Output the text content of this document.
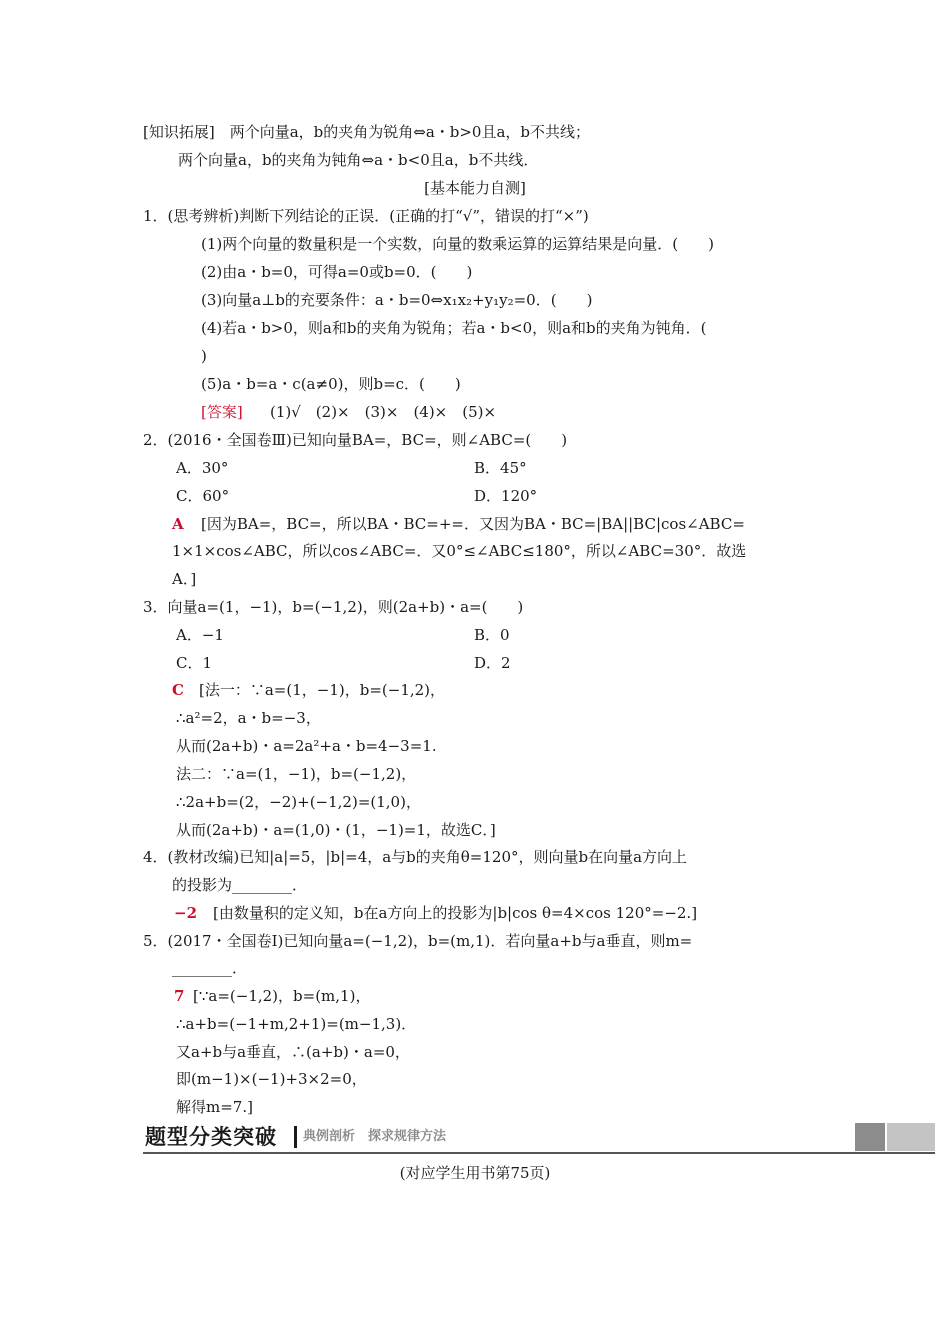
[知识拓展]　两个向量a，b的夹角为锐角⇔a・b>0且a，b不共线；
两个向量a，b的夹角为钝角⇔a・b<0且a，b不共线．
[基本能力自测]
1．(思考辨析)判断下列结论的正误．(正确的打“√”，错误的打“×”)
(1)两个向量的数量积是一个实数，向量的数乘运算的运算结果是向量．(　　)
(2)由a・b=0，可得a=0或b=0．(　　)
(3)向量a⊥b的充要条件：a・b=0⇔x₁x₂+y₁y₂=0．(　　)
(4)若a・b>0，则a和b的夹角为锐角；若a・b<0，则a和b的夹角为钝角．(
)
(5)a・b=a・c(a≠0)，则b=c．(　　)
[答案] (1)√　(2)×　(3)×　(4)×　(5)×
2．(2016・全国卷Ⅲ)已知向量BA=，BC=，则∠ABC=(　　)
A．30°	B．45°
C．60°	D．120°
A [因为BA=，BC=，所以BA・BC=+=．又因为BA・BC=|BA||BC|cos∠ABC=
1×1×cos∠ABC，所以cos∠ABC=．又0°≤∠ABC≤180°，所以∠ABC=30°．故选
A．]
3．向量a=(1，−1)，b=(−1,2)，则(2a+b)・a=(　　)
A．−1	B．0
C．1	D．2
C [法一：∵a=(1，−1)，b=(−1,2)，
∴a²=2，a・b=−3，
从而(2a+b)・a=2a²+a・b=4−3=1.
法二：∵a=(1，−1)，b=(−1,2)，
∴2a+b=(2，−2)+(−1,2)=(1,0)，
从而(2a+b)・a=(1,0)・(1，−1)=1，故选C．]
4．(教材改编)已知|a|=5，|b|=4，a与b的夹角θ=120°，则向量b在向量a方向上
的投影为________．
−2 [由数量积的定义知，b在a方向上的投影为|b|cos θ=4×cos 120°=−2.]
5．(2017・全国卷Ⅰ)已知向量a=(−1,2)，b=(m,1)．若向量a+b与a垂直，则m=
________．
7 [∵a=(−1,2)，b=(m,1)，
∴a+b=(−1+m,2+1)=(m−1,3)．
又a+b与a垂直，∴(a+b)・a=0，
即(m−1)×(−1)+3×2=0，
解得m=7.]
题型分类突破 典例剖析　探求规律方法
(对应学生用书第75页)
